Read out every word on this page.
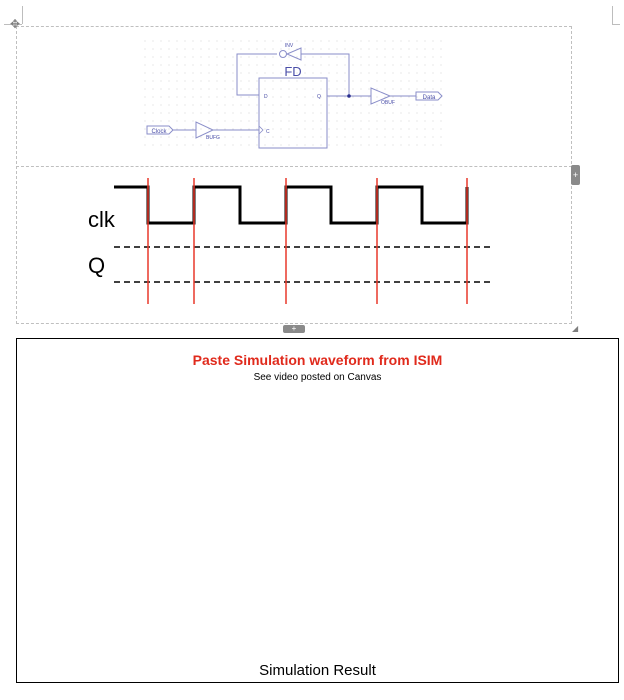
✥
+
+	◢
FD
D	Q
C
INV
OBUF
Data
Clock
BUFG
clk
Q
Paste Simulation waveform from ISIM
See video posted on Canvas
Simulation Result
